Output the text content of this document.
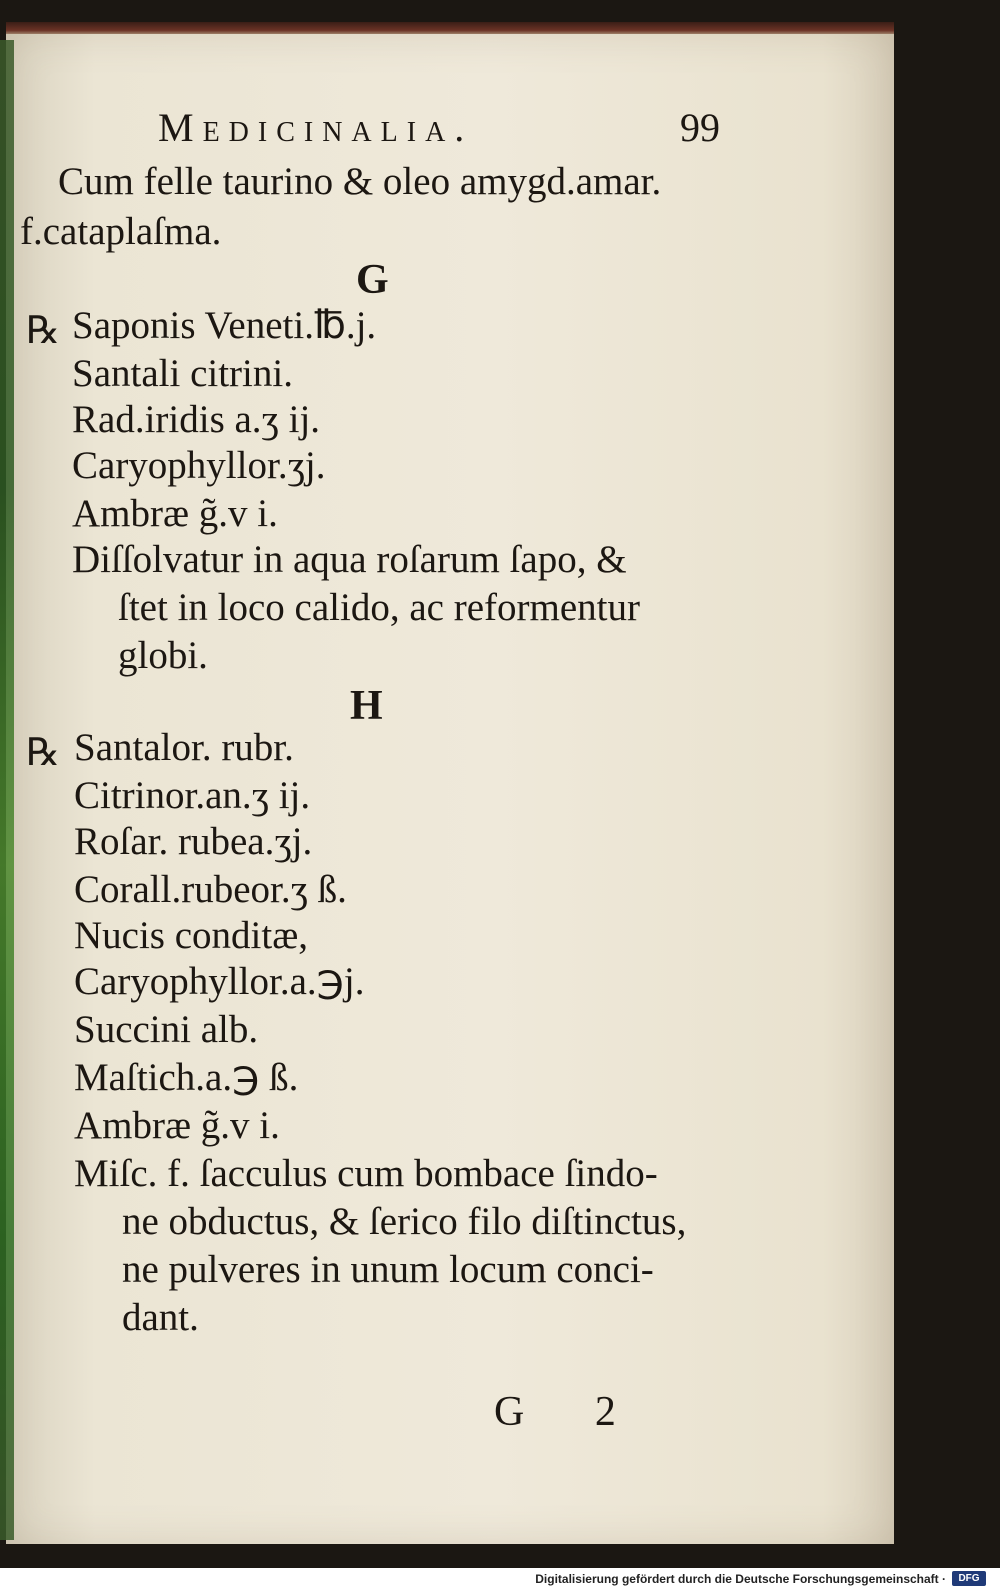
Medicinalia.	99
Cum felle taurino & oleo amygd.amar.
f.cataplaſma.
G
℞ Saponis Veneti.℔.j.
Santali citrini.
Rad.iridis a.ʒ ij.
Caryophyllor.ʒj.
Ambræ g̃.v i.
Diſſolvatur in aqua roſarum ſapo, &
ſtet in loco calido, ac reformentur
globi.
H
℞ Santalor. rubr.
Citrinor.an.ʒ ij.
Roſar. rubea.ʒj.
Corall.rubeor.ʒ ß.
Nucis conditæ,
Caryophyllor.a.℈j.
Succini alb.
Maſtich.a.℈ ß.
Ambræ g̃.v i.
Miſc. f. ſacculus cum bombace ſindo-
ne obductus, & ſerico filo diſtinctus,
ne pulveres in unum locum conci-
dant.
G 2
Digitalisierung gefördert durch die Deutsche Forschungsgemeinschaft ·	DFG
